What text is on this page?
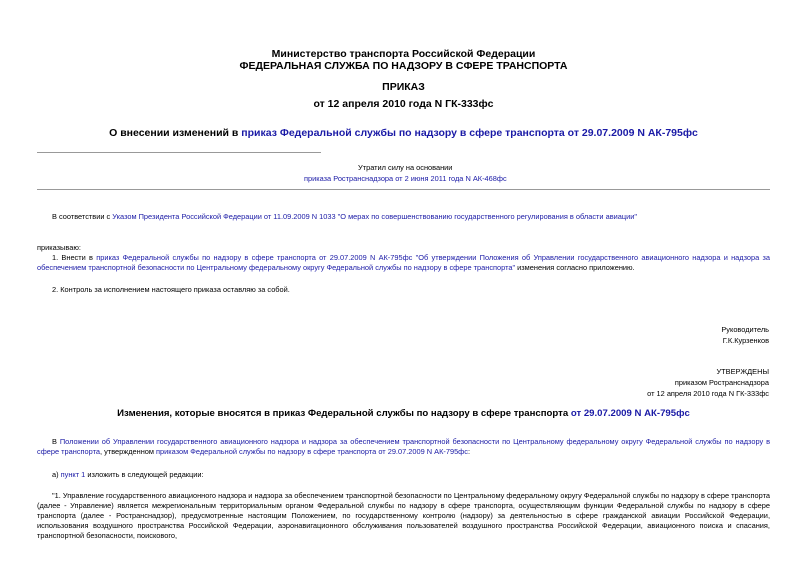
Министерство транспорта Российской Федерации
ФЕДЕРАЛЬНАЯ СЛУЖБА ПО НАДЗОРУ В СФЕРЕ ТРАНСПОРТА
ПРИКАЗ
от 12 апреля 2010 года N ГК-333фс
О внесении изменений в приказ Федеральной службы по надзору в сфере транспорта от 29.07.2009 N АК-795фс
Утратил силу на основании
приказа Ространснадзора от 2 июня 2011 года N АК-468фс
В соответствии с Указом Президента Российской Федерации от 11.09.2009 N 1033 "О мерах по совершенствованию государственного регулирования в области авиации"
приказываю:
1. Внести в приказ Федеральной службы по надзору в сфере транспорта от 29.07.2009 N АК-795фс "Об утверждении Положения об Управлении государственного авиационного надзора и надзора за обеспечением транспортной безопасности по Центральному федеральному округу Федеральной службы по надзору в сфере транспорта" изменения согласно приложению.
2. Контроль за исполнением настоящего приказа оставляю за собой.
Руководитель
Г.К.Курзенков
УТВЕРЖДЕНЫ
приказом Ространснадзора
от 12 апреля 2010 года N ГК-333фс
Изменения, которые вносятся в приказ Федеральной службы по надзору в сфере транспорта от 29.07.2009 N АК-795фс
В Положении об Управлении государственного авиационного надзора и надзора за обеспечением транспортной безопасности по Центральному федеральному округу Федеральной службы по надзору в сфере транспорта, утвержденном приказом Федеральной службы по надзору в сфере транспорта от 29.07.2009 N АК-795фс:
а) пункт 1 изложить в следующей редакции:
"1. Управление государственного авиационного надзора и надзора за обеспечением транспортной безопасности по Центральному федеральному округу Федеральной службы по надзору в сфере транспорта (далее - Управление) является межрегиональным территориальным органом Федеральной службы по надзору в сфере транспорта, осуществляющим функции Федеральной службы по надзору в сфере транспорта (далее - Ространснадзор), предусмотренные настоящим Положением, по государственному контролю (надзору) за деятельностью в сфере гражданской авиации Российской Федерации, использования воздушного пространства Российской Федерации, аэронавигационного обслуживания пользователей воздушного пространства Российской Федерации, авиационного поиска и спасания, транспортной безопасности, поискового,
